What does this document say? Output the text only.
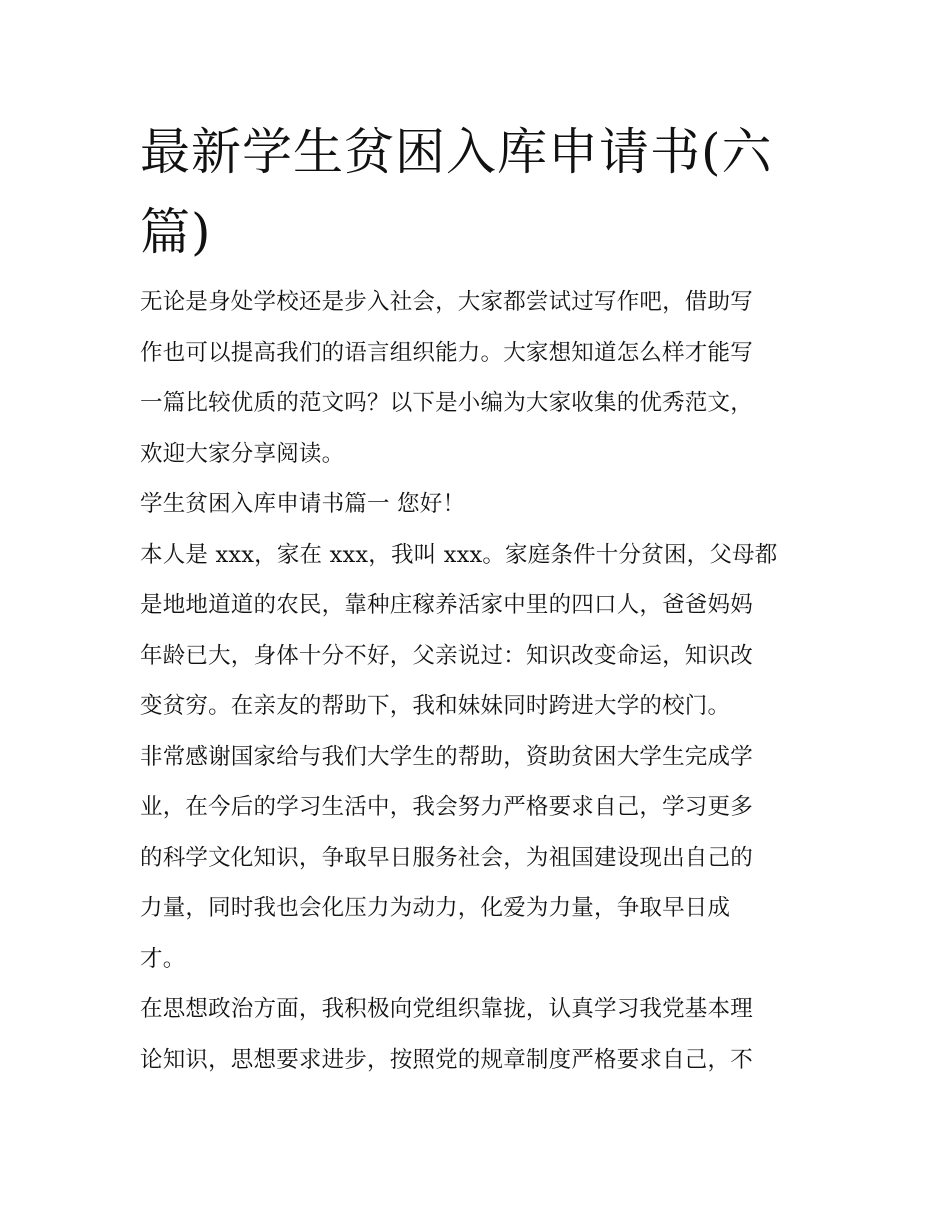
最新学生贫困入库申请书(六
篇)
无论是身处学校还是步入社会，大家都尝试过写作吧，借助写
作也可以提高我们的语言组织能力。大家想知道怎么样才能写
一篇比较优质的范文吗？以下是小编为大家收集的优秀范文，
欢迎大家分享阅读。
学生贫困入库申请书篇一 您好！
本人是 xxx，家在 xxx，我叫 xxx。家庭条件十分贫困，父母都
是地地道道的农民，靠种庄稼养活家中里的四口人，爸爸妈妈
年龄已大，身体十分不好，父亲说过：知识改变命运，知识改
变贫穷。在亲友的帮助下，我和妹妹同时跨进大学的校门。
非常感谢国家给与我们大学生的帮助，资助贫困大学生完成学
业，在今后的学习生活中，我会努力严格要求自己，学习更多
的科学文化知识，争取早日服务社会，为祖国建设现出自己的
力量，同时我也会化压力为动力，化爱为力量，争取早日成
才。
在思想政治方面，我积极向党组织靠拢，认真学习我党基本理
论知识，思想要求进步，按照党的规章制度严格要求自己，不
